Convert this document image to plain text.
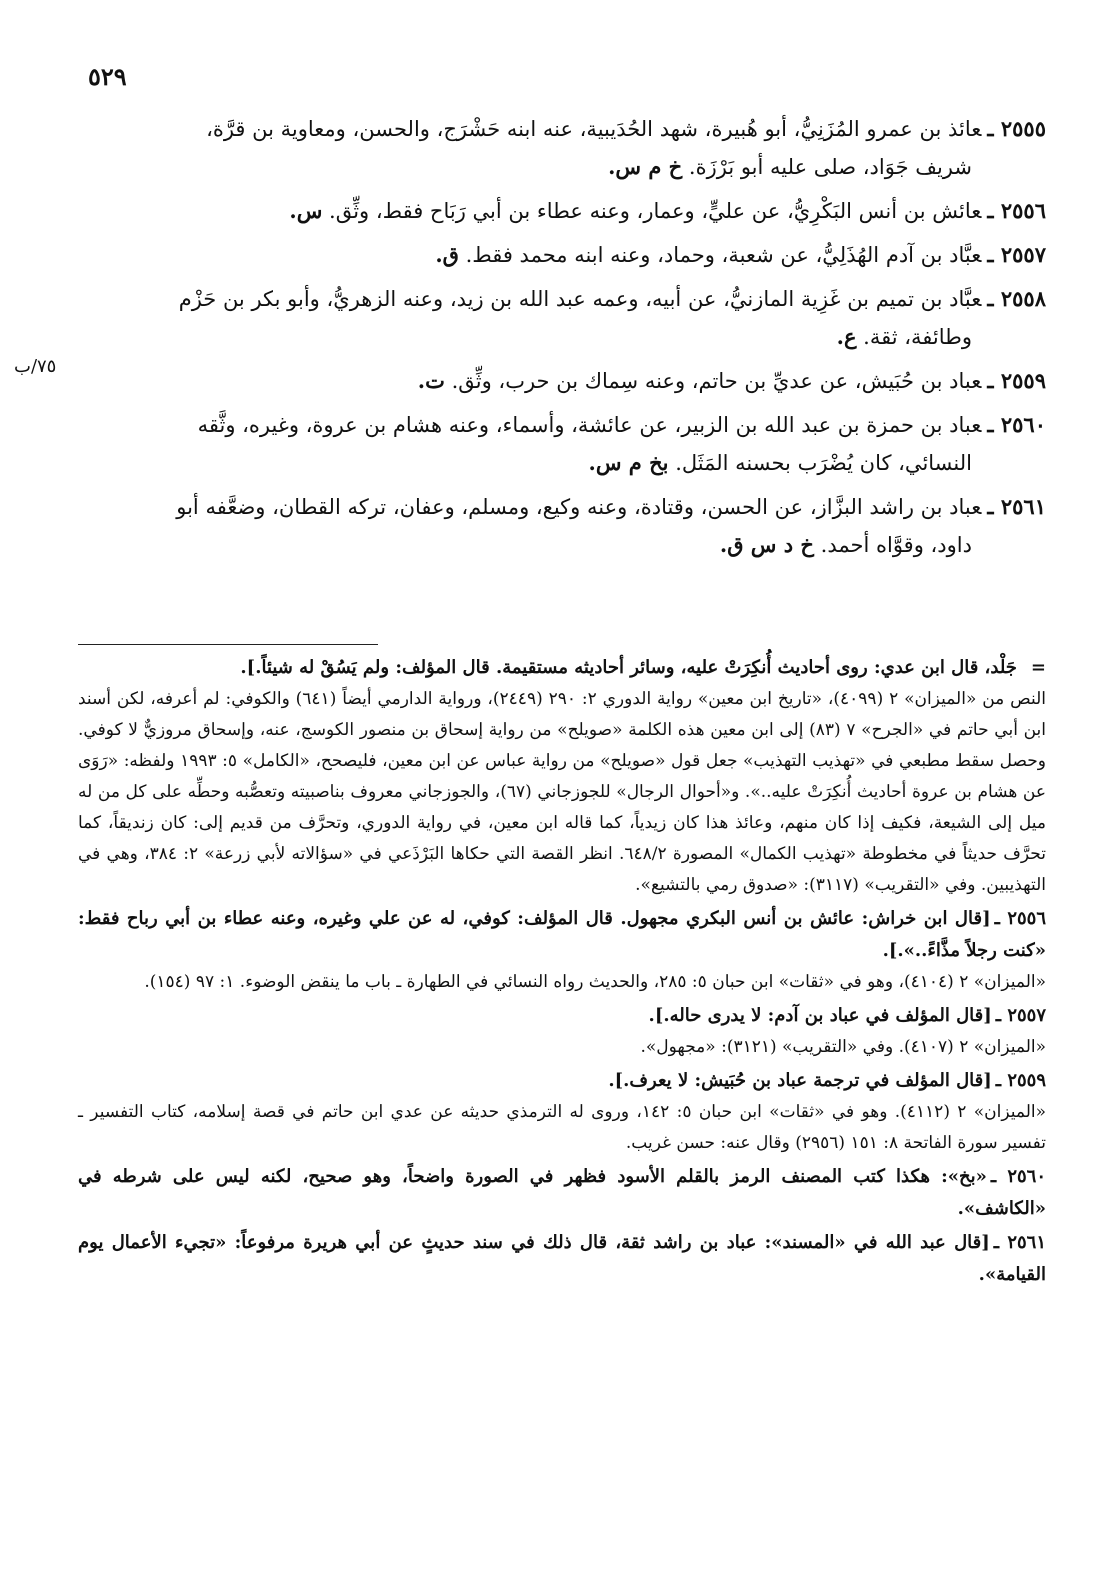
٥٢٩
٧٥/ب
٢٥٥٥ ـعائذ بن عمرو المُزَنِيُّ، أبو هُبيرة، شهد الحُدَيبية، عنه ابنه حَشْرَج، والحسن، ومعاوية بن قرَّة،
شريف جَوَاد، صلى عليه أبو بَرْزَة. خ م س.
٢٥٥٦ ـعائش بن أنس البَكْرِيُّ، عن عليٍّ، وعمار، وعنه عطاء بن أبي رَبَاح فقط، وثِّق. س.
٢٥٥٧ ـعبَّاد بن آدم الهُذَلِيُّ، عن شعبة، وحماد، وعنه ابنه محمد فقط. ق.
٢٥٥٨ ـعبَّاد بن تميم بن غَزِية المازنيُّ، عن أبيه، وعمه عبد الله بن زيد، وعنه الزهريُّ، وأبو بكر بن حَزْم
وطائفة، ثقة. ع.
٢٥٥٩ ـعباد بن حُبَيش، عن عديِّ بن حاتم، وعنه سِماك بن حرب، وثِّق. ت.
٢٥٦٠ ـعباد بن حمزة بن عبد الله بن الزبير، عن عائشة، وأسماء، وعنه هشام بن عروة، وغيره، وثَّقه
النسائي، كان يُضْرَب بحسنه المَثَل. بخ م س.
٢٥٦١ ـعباد بن راشد البزَّاز، عن الحسن، وقتادة، وعنه وكيع، ومسلم، وعفان، تركه القطان، وضعَّفه أبو
داود، وقوَّاه أحمد. خ د س ق.
=جَلْد، قال ابن عدي: روى أحاديث أُنكِرَتْ عليه، وسائر أحاديثه مستقيمة. قال المؤلف: ولم يَسُقْ له شيئاً.].
النص من «الميزان» ٢ (٤٠٩٩)، «تاريخ ابن معين» رواية الدوري ٢: ٢٩٠ (٢٤٤٩)، ورواية الدارمي أيضاً (٦٤١) والكوفي: لم أعرفه، لكن أسند ابن أبي حاتم في «الجرح» ٧ (٨٣) إلى ابن معين هذه الكلمة «صويلح» من رواية إسحاق بن منصور الكوسج، عنه، وإسحاق مروزيٌّ لا كوفي. وحصل سقط مطبعي في «تهذيب التهذيب» جعل قول «صويلح» من رواية عباس عن ابن معين، فليصحح، «الكامل» ٥: ١٩٩٣ ولفظه: «رَوَى عن هشام بن عروة أحاديث أُنكِرَتْ عليه..». و«أحوال الرجال» للجوزجاني (٦٧)، والجوزجاني معروف بناصبيته وتعصُّبه وحطِّه على كل من له ميل إلى الشيعة، فكيف إذا كان منهم، وعائذ هذا كان زيدياً، كما قاله ابن معين، في رواية الدوري، وتحرَّف من قديم إلى: كان زنديقاً، كما تحرَّف حديثاً في مخطوطة «تهذيب الكمال» المصورة ٦٤٨/٢. انظر القصة التي حكاها البَرْذَعي في «سؤالاته لأبي زرعة» ٢: ٣٨٤، وهي في التهذيبين. وفي «التقريب» (٣١١٧): «صدوق رمي بالتشيع».
٢٥٥٦ ـ[قال ابن خراش: عائش بن أنس البكري مجهول. قال المؤلف: كوفي، له عن علي وغيره، وعنه عطاء بن أبي رباح فقط: «كنت رجلاً مذَّاءً..».].
«الميزان» ٢ (٤١٠٤)، وهو في «ثقات» ابن حبان ٥: ٢٨٥، والحديث رواه النسائي في الطهارة ـ باب ما ينقض الوضوء. ١: ٩٧ (١٥٤).
٢٥٥٧ ـ[قال المؤلف في عباد بن آدم: لا يدرى حاله.].
«الميزان» ٢ (٤١٠٧). وفي «التقريب» (٣١٢١): «مجهول».
٢٥٥٩ ـ[قال المؤلف في ترجمة عباد بن حُبَيش: لا يعرف.].
«الميزان» ٢ (٤١١٢). وهو في «ثقات» ابن حبان ٥: ١٤٢، وروى له الترمذي حديثه عن عدي ابن حاتم في قصة إسلامه، كتاب التفسير ـ تفسير سورة الفاتحة ٨: ١٥١ (٢٩٥٦) وقال عنه: حسن غريب.
٢٥٦٠ ـ«بخ»: هكذا كتب المصنف الرمز بالقلم الأسود فظهر في الصورة واضحاً، وهو صحيح، لكنه ليس على شرطه في «الكاشف».
٢٥٦١ ـ[قال عبد الله في «المسند»: عباد بن راشد ثقة، قال ذلك في سند حديثٍ عن أبي هريرة مرفوعاً: «تجيء الأعمال يوم القيامة».
